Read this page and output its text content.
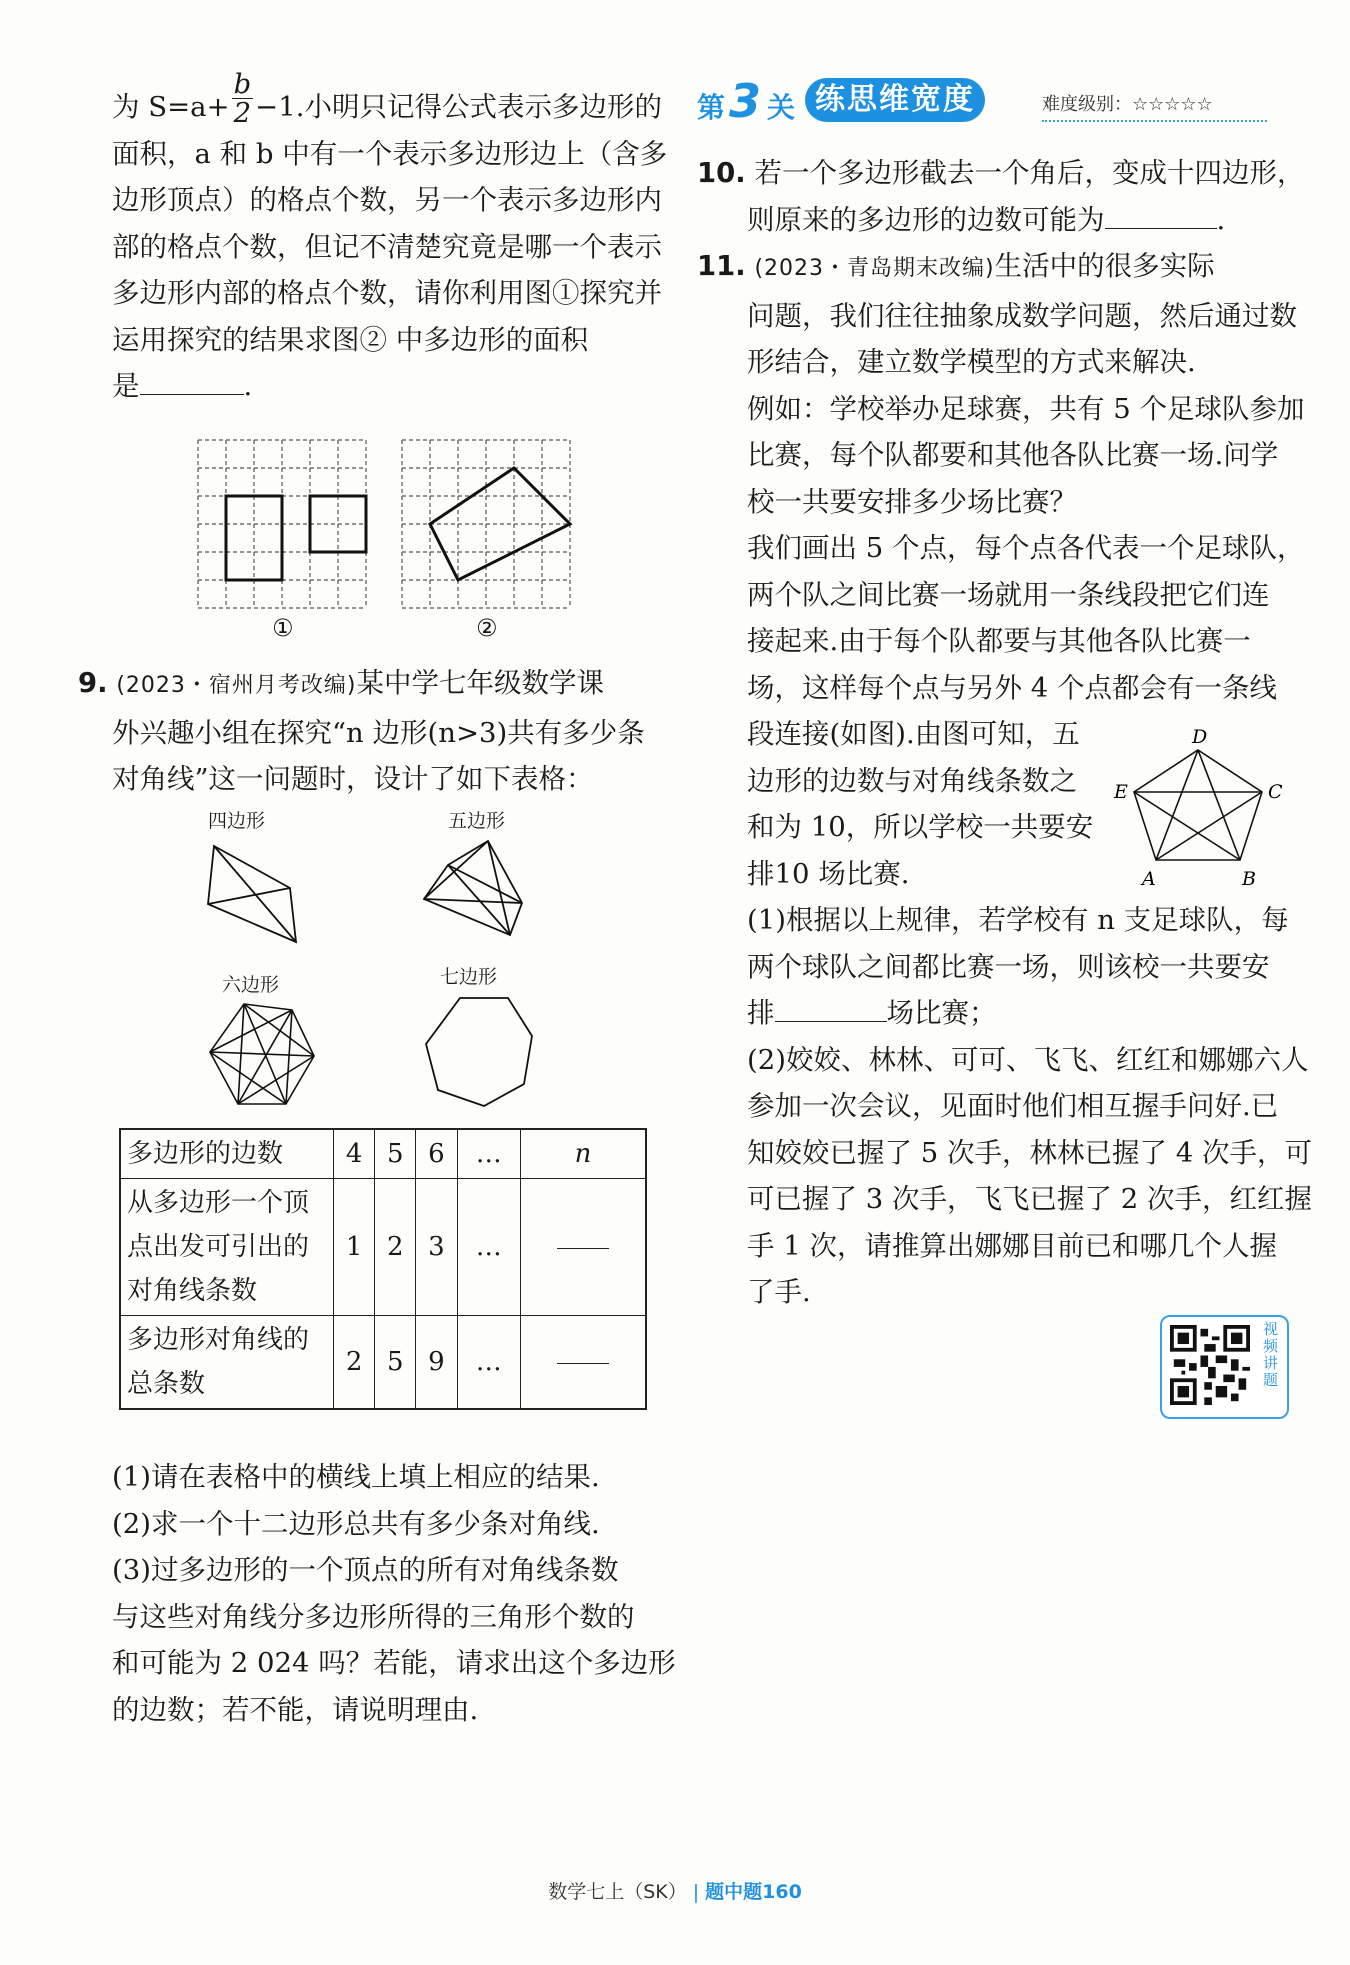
为 $S=a+ \frac{b}{2} -1$.小明只记得公式表示多边形的
面积，a 和 b 中有一个表示多边形边上（含多
边形顶点）的格点个数，另一个表示多边形内
部的格点个数，但记不清楚究竟是哪一个表示
多边形内部的格点个数，请你利用图①探究并
运用探究的结果求图② 中多边形的面积
是	.
①	②
9. (2023・宿州月考改编)某中学七年级数学课
外兴趣小组在探究“n 边形(n>3)共有多少条
对角线”这一问题时，设计了如下表格：
四边形	五边形
六边形	七边形
多边形的边数	4	5	6	…	n

从多边形一个顶
点出发可引出的
对角线条数	1	2	3	…	

多边形对角线的
总条数	2	5	9	…	
(1)请在表格中的横线上填上相应的结果.
(2)求一个十二边形总共有多少条对角线.
(3)过多边形的一个顶点的所有对角线条数
与这些对角线分多边形所得的三角形个数的
和可能为 2 024 吗？若能，请求出这个多边形
的边数；若不能，请说明理由.
第 3 关 练思维宽度	难度级别：☆☆☆☆☆
10. 若一个多边形截去一个角后，变成十四边形，
则原来的多边形的边数可能为	.
11. (2023・青岛期末改编)生活中的很多实际
问题，我们往往抽象成数学问题，然后通过数
形结合，建立数学模型的方式来解决.
例如：学校举办足球赛，共有 5 个足球队参加
比赛，每个队都要和其他各队比赛一场.问学
校一共要安排多少场比赛？
我们画出 5 个点，每个点各代表一个足球队，
两个队之间比赛一场就用一条线段把它们连
接起来.由于每个队都要与其他各队比赛一
场，这样每个点与另外 4 个点都会有一条线
段连接(如图).由图可知，五
边形的边数与对角线条数之
和为 10，所以学校一共要安
排10 场比赛.
(1)根据以上规律，若学校有 n 支足球队，每
两个球队之间都比赛一场，则该校一共要安
排	场比赛；
(2)姣姣、林林、可可、飞飞、红红和娜娜六人
参加一次会议，见面时他们相互握手问好.已
知姣姣已握了 5 次手，林林已握了 4 次手，可
可已握了 3 次手，飞飞已握了 2 次手，红红握
手 1 次，请推算出娜娜目前已和哪几个人握
了手.
D
C
B
A
E
视频讲题
数学七上（SK） | 题中题160
